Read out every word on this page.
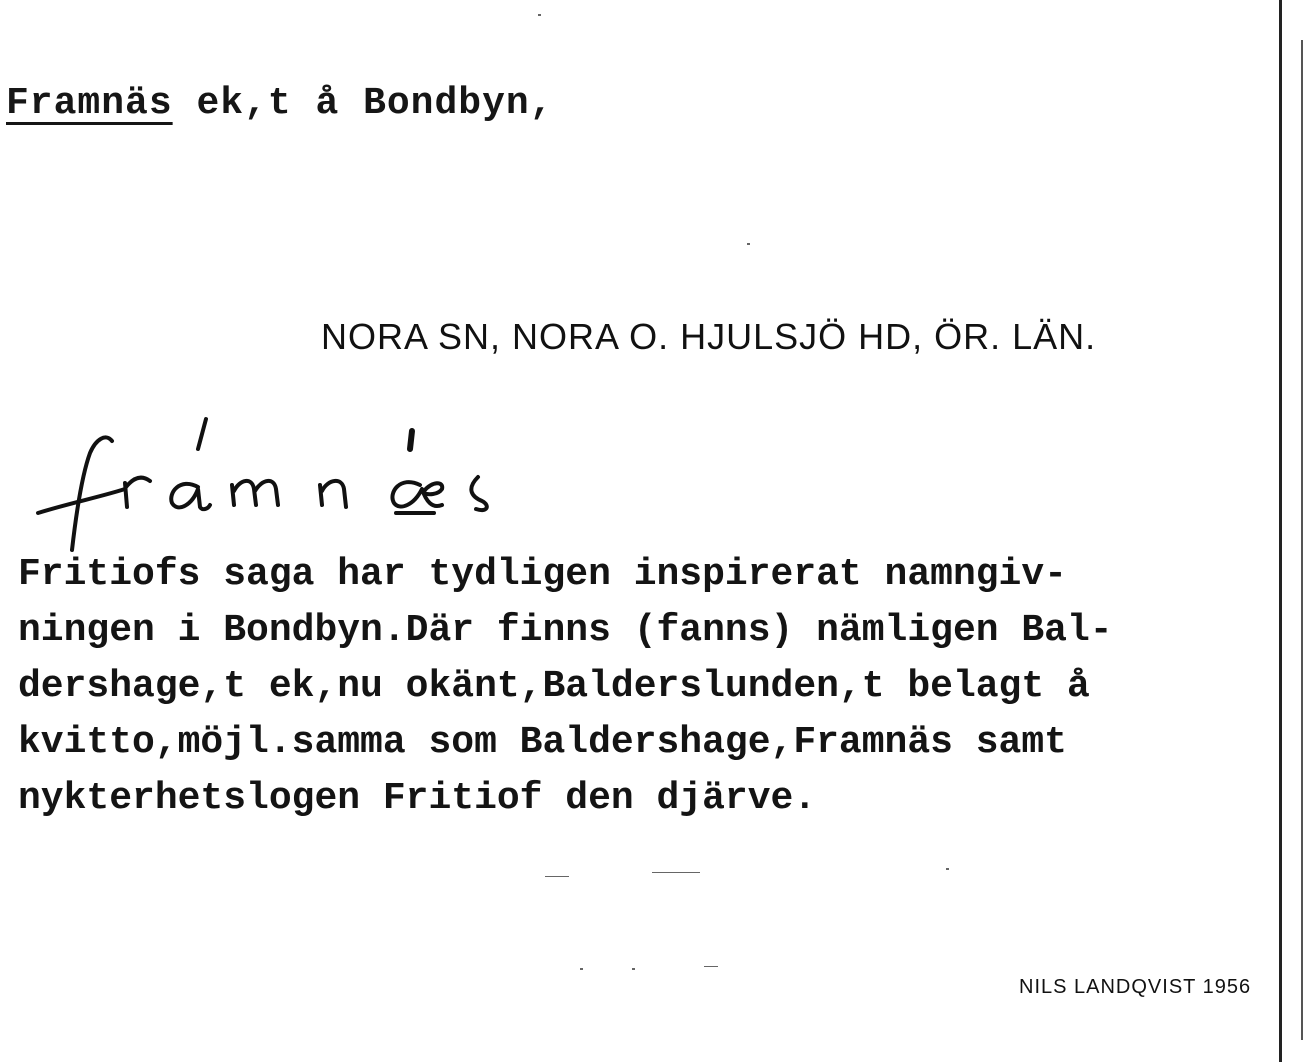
Framnäs ek,t å Bondbyn,

NORA SN, NORA O. HJULSJÖ HD, ÖR. LÄN.

Fritiofs saga har tydligen inspirerat namngiv-
ningen i Bondbyn.Där finns (fanns) nämligen Bal-
dershage,t ek,nu okänt,Balderslunden,t belagt å
kvitto,möjl.samma som Baldershage,Framnäs samt
nykterhetslogen Fritiof den djärve.

NILS LANDQVIST 1956
